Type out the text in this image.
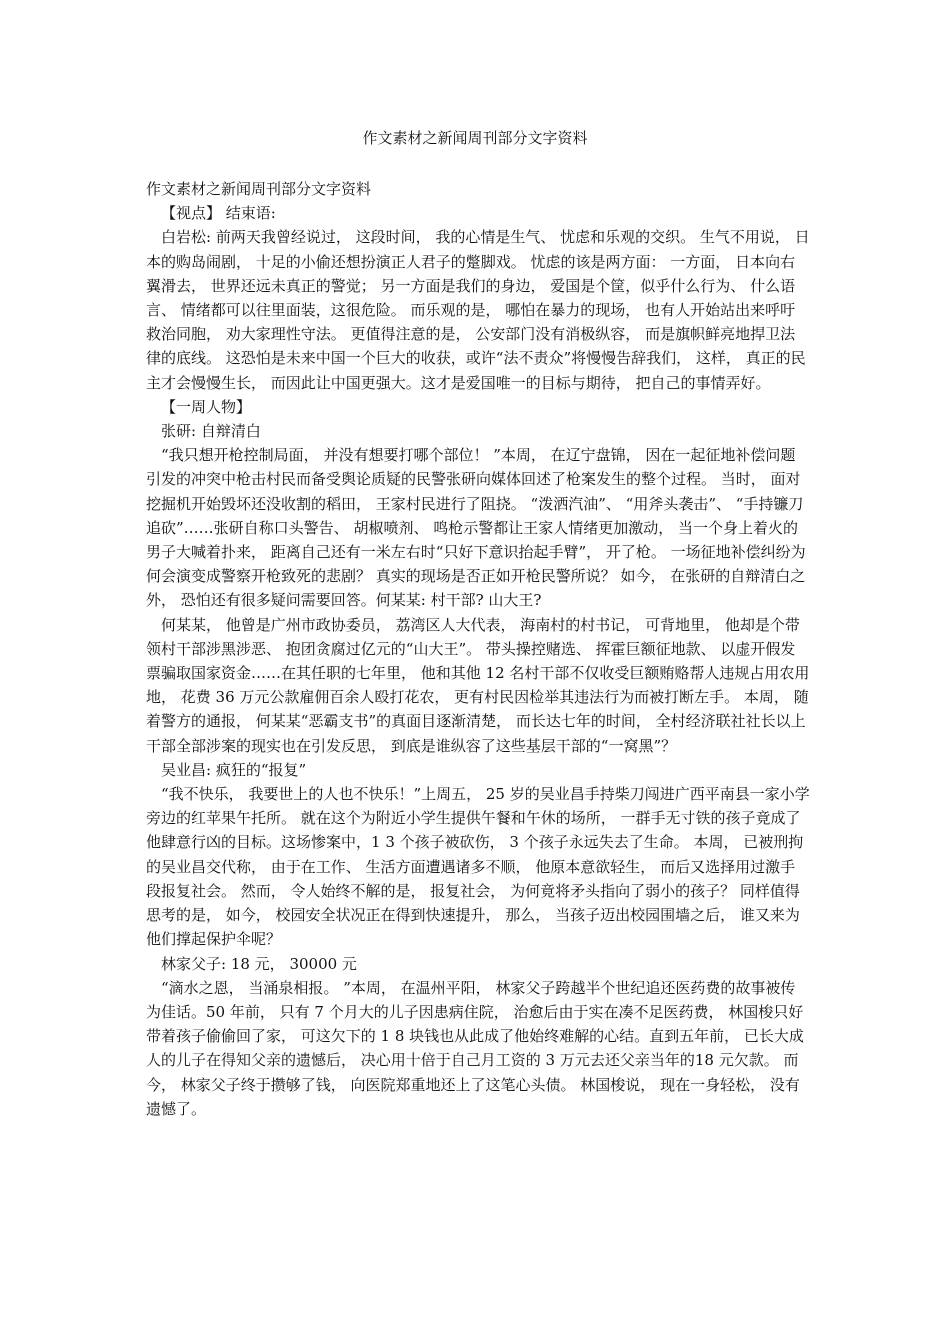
作文素材之新闻周刊部分文字资料

作文素材之新闻周刊部分文字资料

【视点】 结束语:

白岩松: 前两天我曾经说过， 这段时间， 我的心情是生气、 忧虑和乐观的交织。 生气不用说， 日本的购岛闹剧， 十足的小偷还想扮演正人君子的蹩脚戏。 忧虑的该是两方面： 一方面， 日本向右翼滑去， 世界还远未真正的警觉； 另一方面是我们的身边， 爱国是个筐，似乎什么行为、 什么语言、 情绪都可以往里面装，这很危险。 而乐观的是， 哪怕在暴力的现场， 也有人开始站出来呼吁救治同胞， 劝大家理性守法。 更值得注意的是， 公安部门没有消极纵容， 而是旗帜鲜亮地捍卫法律的底线。 这恐怕是未来中国一个巨大的收获，或许“法不责众”将慢慢告辞我们， 这样， 真正的民主才会慢慢生长， 而因此让中国更强大。这才是爱国唯一的目标与期待， 把自己的事情弄好。

【一周人物】

张研: 自辩清白

“我只想开枪控制局面， 并没有想要打哪个部位！ ”本周， 在辽宁盘锦， 因在一起征地补偿问题引发的冲突中枪击村民而备受舆论质疑的民警张研向媒体回述了枪案发生的整个过程。 当时， 面对挖掘机开始毁坏还没收割的稻田， 王家村民进行了阻挠。 “泼洒汽油”、 “用斧头袭击”、 “手持镰刀追砍”……张研自称口头警告、 胡椒喷剂、 鸣枪示警都让王家人情绪更加激动， 当一个身上着火的男子大喊着扑来， 距离自己还有一米左右时“只好下意识抬起手臂”， 开了枪。 一场征地补偿纠纷为何会演变成警察开枪致死的悲剧？ 真实的现场是否正如开枪民警所说？ 如今， 在张研的自辩清白之外， 恐怕还有很多疑问需要回答。何某某: 村干部? 山大王?

何某某， 他曾是广州市政协委员， 荔湾区人大代表， 海南村的村书记， 可背地里， 他却是个带领村干部涉黑涉恶、 抱团贪腐过亿元的“山大王”。 带头操控赌选、 挥霍巨额征地款、 以虚开假发票骗取国家资金……在其任职的七年里， 他和其他 12 名村干部不仅收受巨额贿赂帮人违规占用农用地， 花费 36 万元公款雇佣百余人殴打花农， 更有村民因检举其违法行为而被打断左手。 本周， 随着警方的通报， 何某某“恶霸支书”的真面目逐渐清楚， 而长达七年的时间， 全村经济联社社长以上干部全部涉案的现实也在引发反思， 到底是谁纵容了这些基层干部的“一窝黑”？

吴业昌: 疯狂的“报复”

“我不快乐， 我要世上的人也不快乐！”上周五， 25 岁的吴业昌手持柴刀闯进广西平南县一家小学旁边的红苹果午托所。 就在这个为附近小学生提供午餐和午休的场所， 一群手无寸铁的孩子竟成了他肆意行凶的目标。这场惨案中，1 3 个孩子被砍伤， 3 个孩子永远失去了生命。 本周， 已被刑拘的吴业昌交代称， 由于在工作、 生活方面遭遇诸多不顺， 他原本意欲轻生， 而后又选择用过激手段报复社会。 然而， 令人始终不解的是， 报复社会， 为何竟将矛头指向了弱小的孩子？ 同样值得思考的是， 如今， 校园安全状况正在得到快速提升， 那么， 当孩子迈出校园围墙之后， 谁又来为他们撑起保护伞呢？

林家父子: 18 元， 30000 元

“滴水之恩， 当涌泉相报。 ”本周， 在温州平阳， 林家父子跨越半个世纪追还医药费的故事被传为佳话。50 年前， 只有 7 个月大的儿子因患病住院， 治愈后由于实在凑不足医药费， 林国梭只好带着孩子偷偷回了家， 可这欠下的 1 8 块钱也从此成了他始终难解的心结。直到五年前， 已长大成人的儿子在得知父亲的遗憾后， 决心用十倍于自己月工资的 3 万元去还父亲当年的18 元欠款。 而今， 林家父子终于攒够了钱， 向医院郑重地还上了这笔心头债。 林国梭说， 现在一身轻松， 没有遗憾了。
